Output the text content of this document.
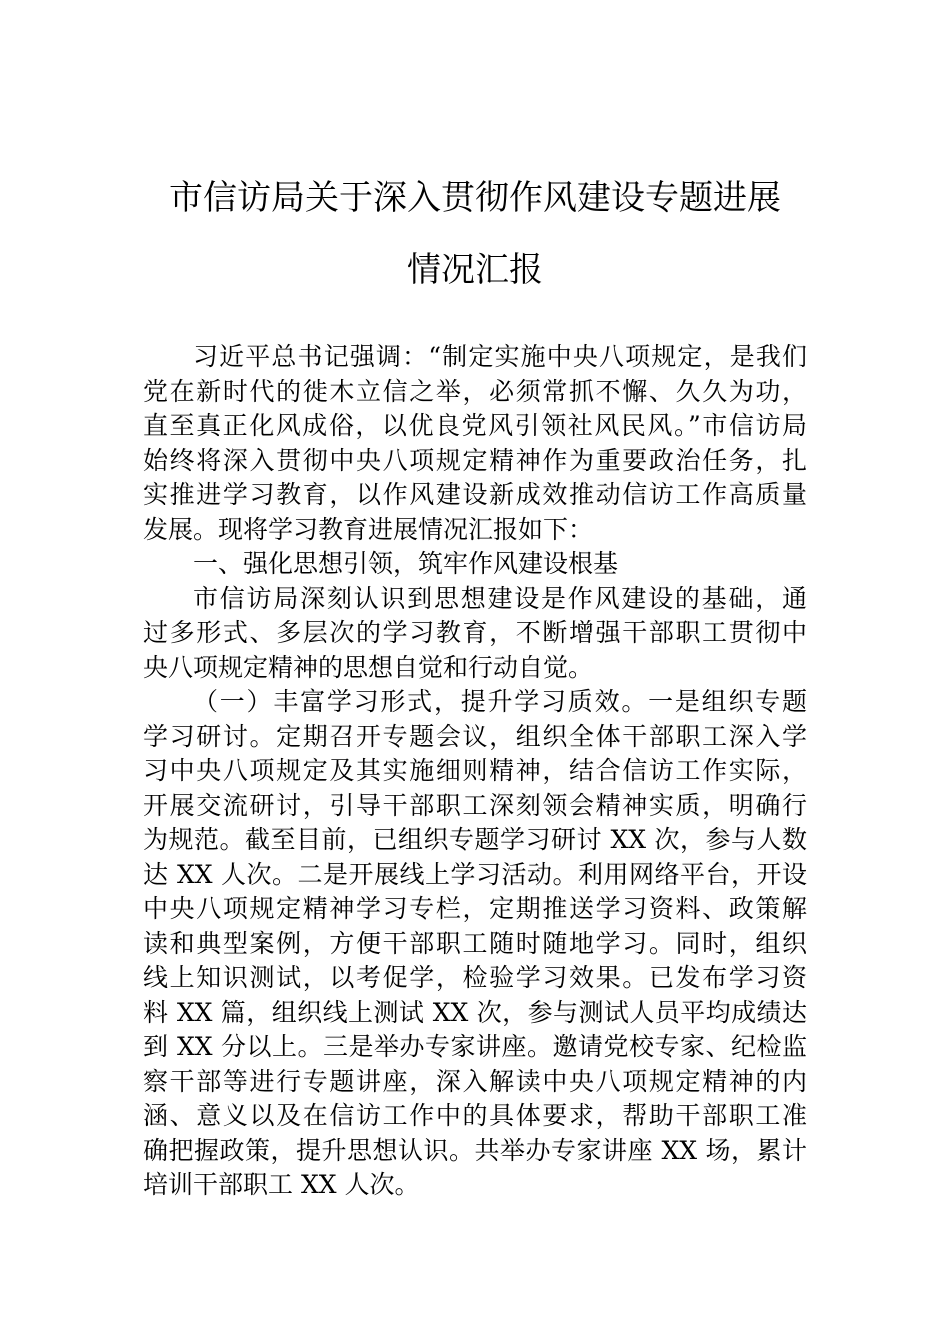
市信访局关于深入贯彻作风建设专题进展
情况汇报
习近平总书记强调：“制定实施中央八项规定，是我们
党在新时代的徙木立信之举，必须常抓不懈、久久为功，
直至真正化风成俗，以优良党风引领社风民风。”市信访局
始终将深入贯彻中央八项规定精神作为重要政治任务，扎
实推进学习教育，以作风建设新成效推动信访工作高质量
发展。现将学习教育进展情况汇报如下：
一、强化思想引领，筑牢作风建设根基
市信访局深刻认识到思想建设是作风建设的基础，通
过多形式、多层次的学习教育，不断增强干部职工贯彻中
央八项规定精神的思想自觉和行动自觉。
（一）丰富学习形式，提升学习质效。一是组织专题
学习研讨。定期召开专题会议，组织全体干部职工深入学
习中央八项规定及其实施细则精神，结合信访工作实际，
开展交流研讨，引导干部职工深刻领会精神实质，明确行
为规范。截至目前，已组织专题学习研讨 XX 次，参与人数
达 XX 人次。二是开展线上学习活动。利用网络平台，开设
中央八项规定精神学习专栏，定期推送学习资料、政策解
读和典型案例，方便干部职工随时随地学习。同时，组织
线上知识测试，以考促学，检验学习效果。已发布学习资
料 XX 篇，组织线上测试 XX 次，参与测试人员平均成绩达
到 XX 分以上。三是举办专家讲座。邀请党校专家、纪检监
察干部等进行专题讲座，深入解读中央八项规定精神的内
涵、意义以及在信访工作中的具体要求，帮助干部职工准
确把握政策，提升思想认识。共举办专家讲座 XX 场，累计
培训干部职工 XX 人次。
